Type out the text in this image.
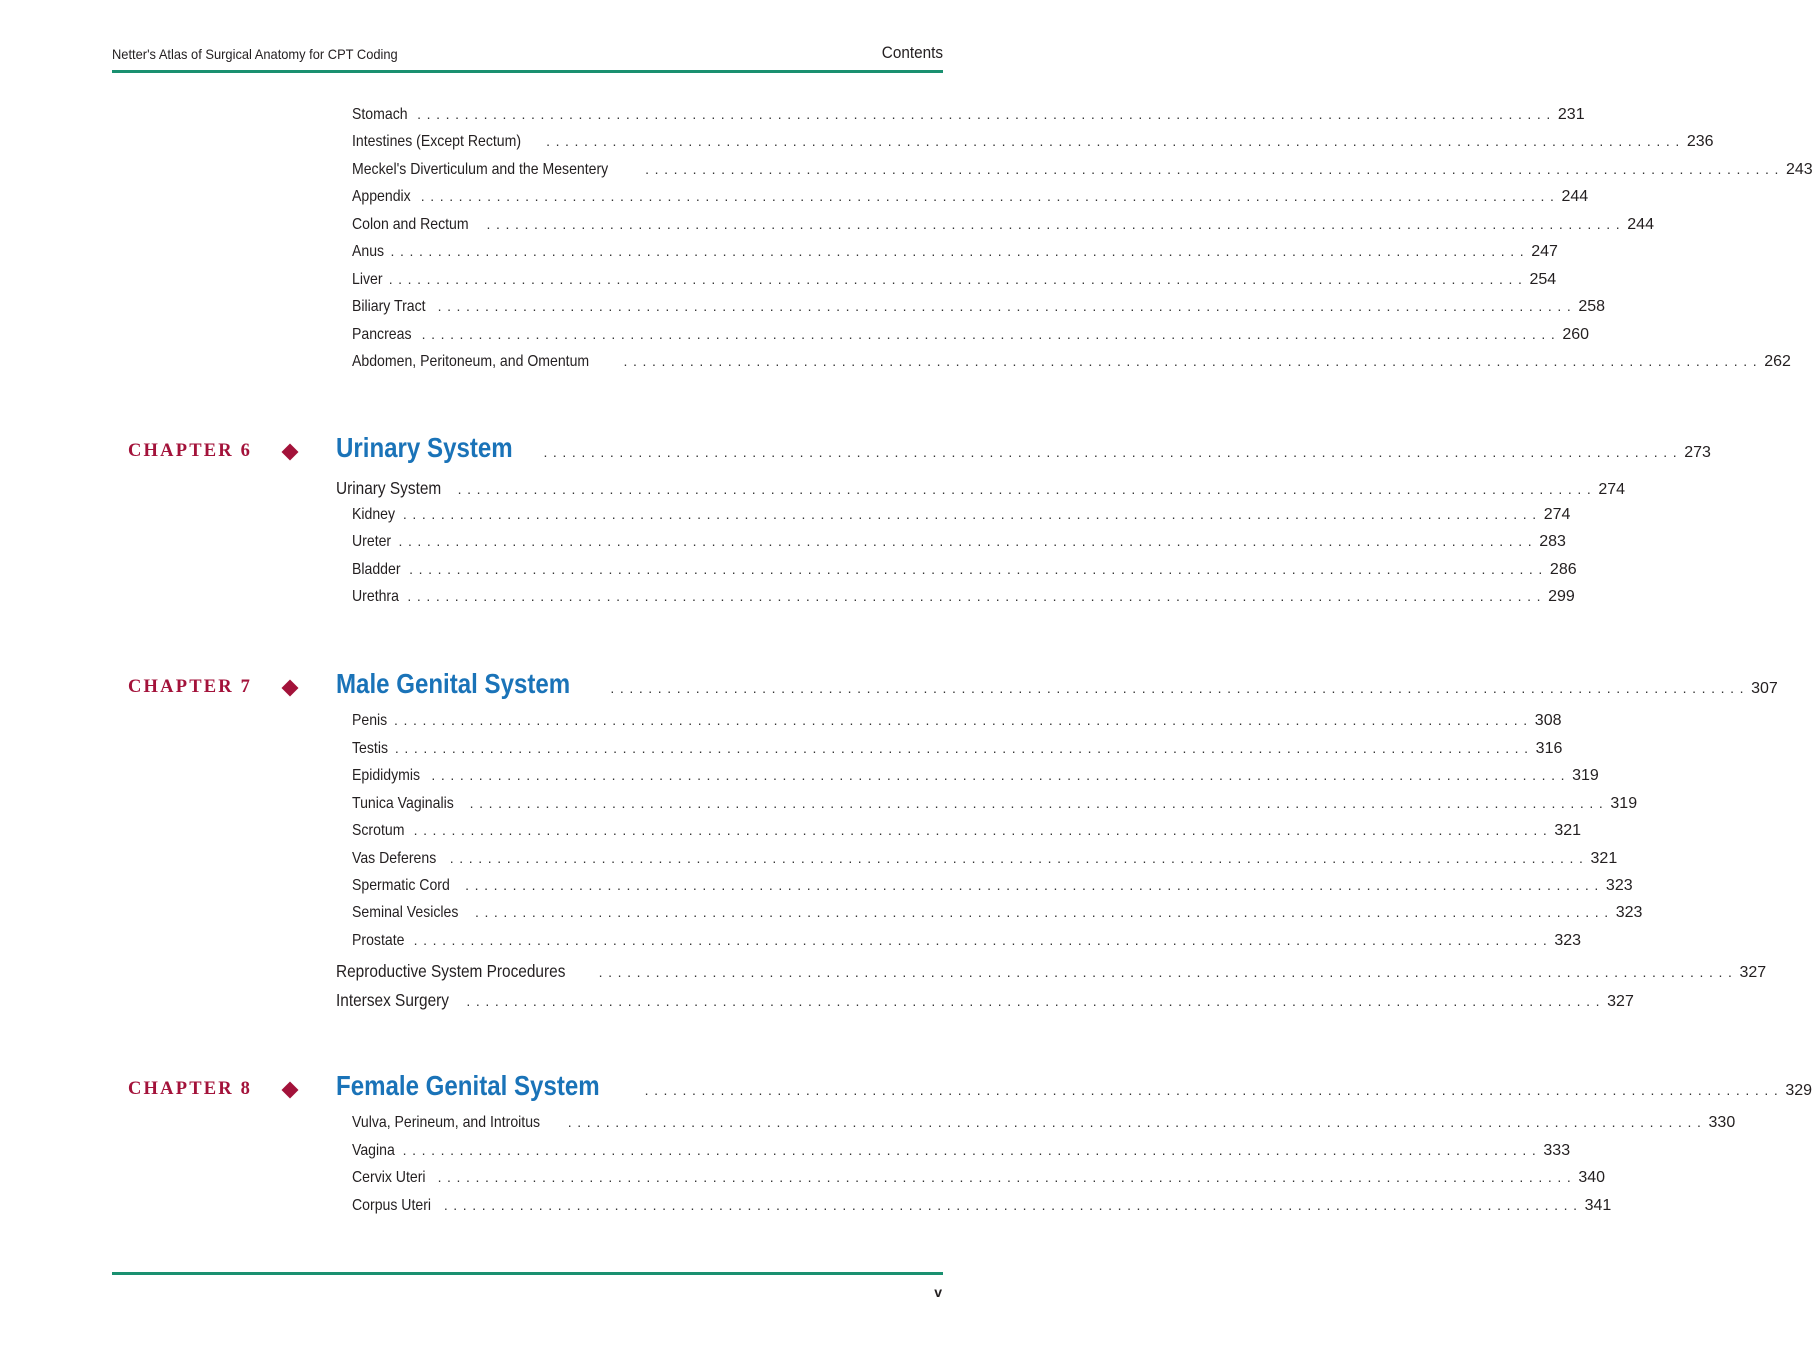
Netter's Atlas of Surgical Anatomy for CPT Coding	Contents
Stomach ........................................................................................................................ 231
Intestines (Except Rectum) ........................................................................................................................ 236
Meckel's Diverticulum and the Mesentery	........................................................................................................................ 243
Appendix ........................................................................................................................ 244
Colon and Rectum ........................................................................................................................ 244
Anus ........................................................................................................................ 247
Liver ........................................................................................................................ 254
Biliary Tract ........................................................................................................................ 258
Pancreas ........................................................................................................................ 260
Abdomen, Peritoneum, and Omentum ........................................................................................................................ 262
CHAPTER 6	Urinary System ........................................................................................................................ 273
Urinary System ........................................................................................................................ 274
Kidney ........................................................................................................................ 274
Ureter ........................................................................................................................ 283
Bladder ........................................................................................................................ 286
Urethra ........................................................................................................................ 299
CHAPTER 7	Male Genital System	........................................................................................................................ 307
Penis ........................................................................................................................ 308
Testis ........................................................................................................................ 316
Epididymis ........................................................................................................................ 319
Tunica Vaginalis ........................................................................................................................ 319
Scrotum ........................................................................................................................ 321
Vas Deferens ........................................................................................................................ 321
Spermatic Cord ........................................................................................................................ 323
Seminal Vesicles ........................................................................................................................ 323
Prostate ........................................................................................................................ 323
Reproductive System Procedures ........................................................................................................................ 327
Intersex Surgery ........................................................................................................................ 327
CHAPTER 8	Female Genital System	........................................................................................................................ 329
Vulva, Perineum, and Introitus ........................................................................................................................ 330
Vagina ........................................................................................................................ 333
Cervix Uteri ........................................................................................................................ 340
Corpus Uteri ........................................................................................................................ 341
v
